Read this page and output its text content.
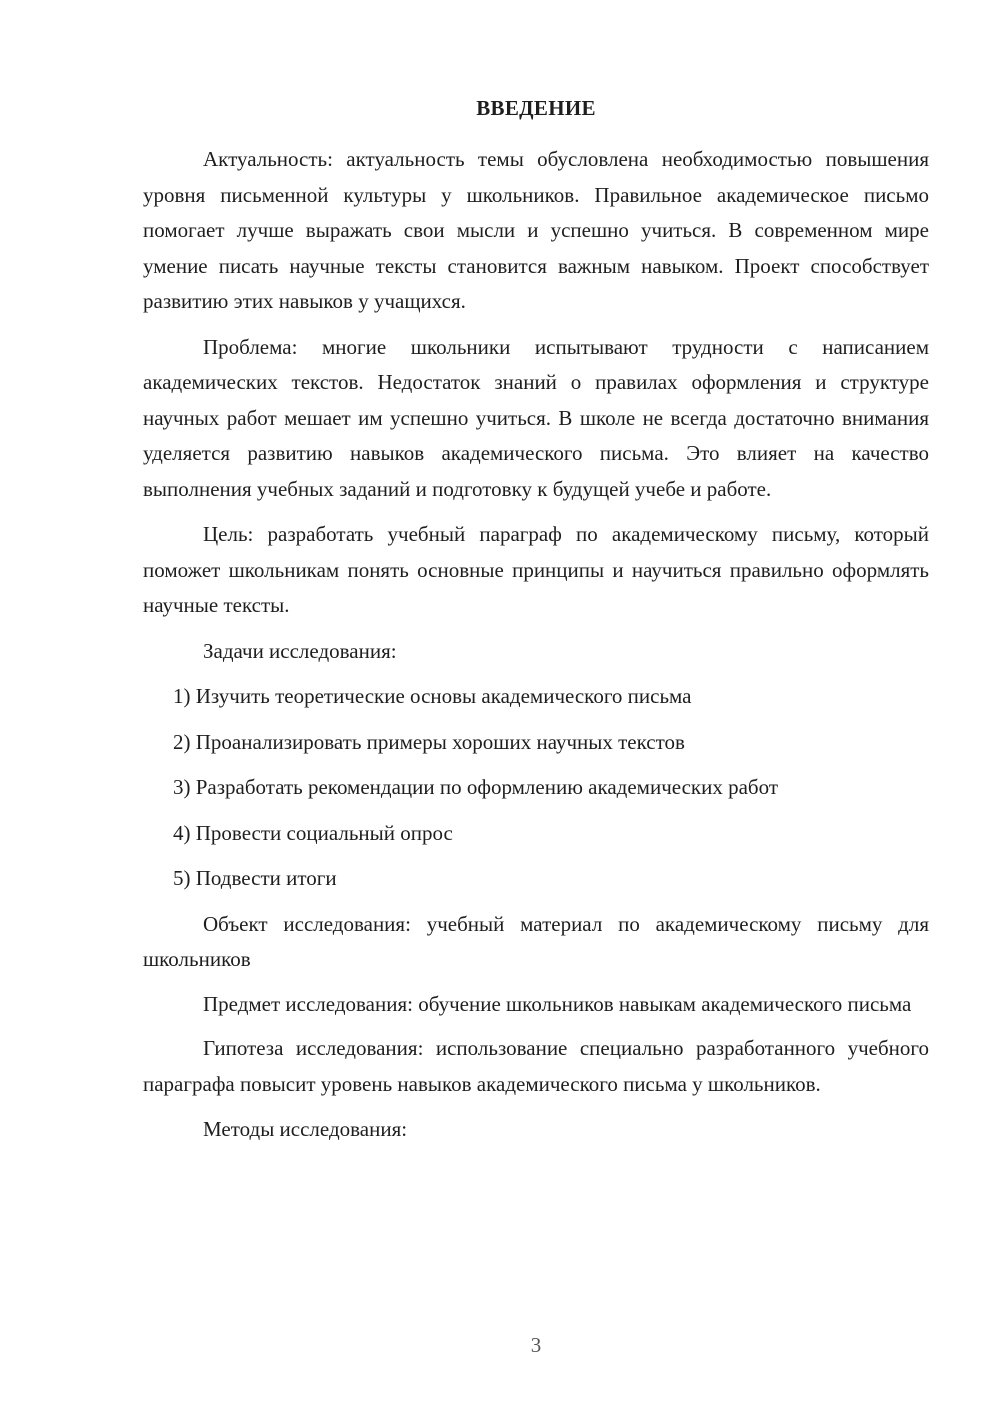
ВВЕДЕНИЕ

Актуальность: актуальность темы обусловлена необходимостью повышения уровня письменной культуры у школьников. Правильное академическое письмо помогает лучше выражать свои мысли и успешно учиться. В современном мире умение писать научные тексты становится важным навыком. Проект способствует развитию этих навыков у учащихся.

Проблема: многие школьники испытывают трудности с написанием академических текстов. Недостаток знаний о правилах оформления и структуре научных работ мешает им успешно учиться. В школе не всегда достаточно внимания уделяется развитию навыков академического письма. Это влияет на качество выполнения учебных заданий и подготовку к будущей учебе и работе.

Цель: разработать учебный параграф по академическому письму, который поможет школьникам понять основные принципы и научиться правильно оформлять научные тексты.

Задачи исследования:

1) Изучить теоретические основы академического письма

2) Проанализировать примеры хороших научных текстов

3) Разработать рекомендации по оформлению академических работ

4) Провести социальный опрос

5) Подвести итоги

Объект исследования: учебный материал по академическому письму для школьников

Предмет исследования: обучение школьников навыкам академического письма

Гипотеза исследования: использование специально разработанного учебного параграфа повысит уровень навыков академического письма у школьников.

Методы исследования:

3
